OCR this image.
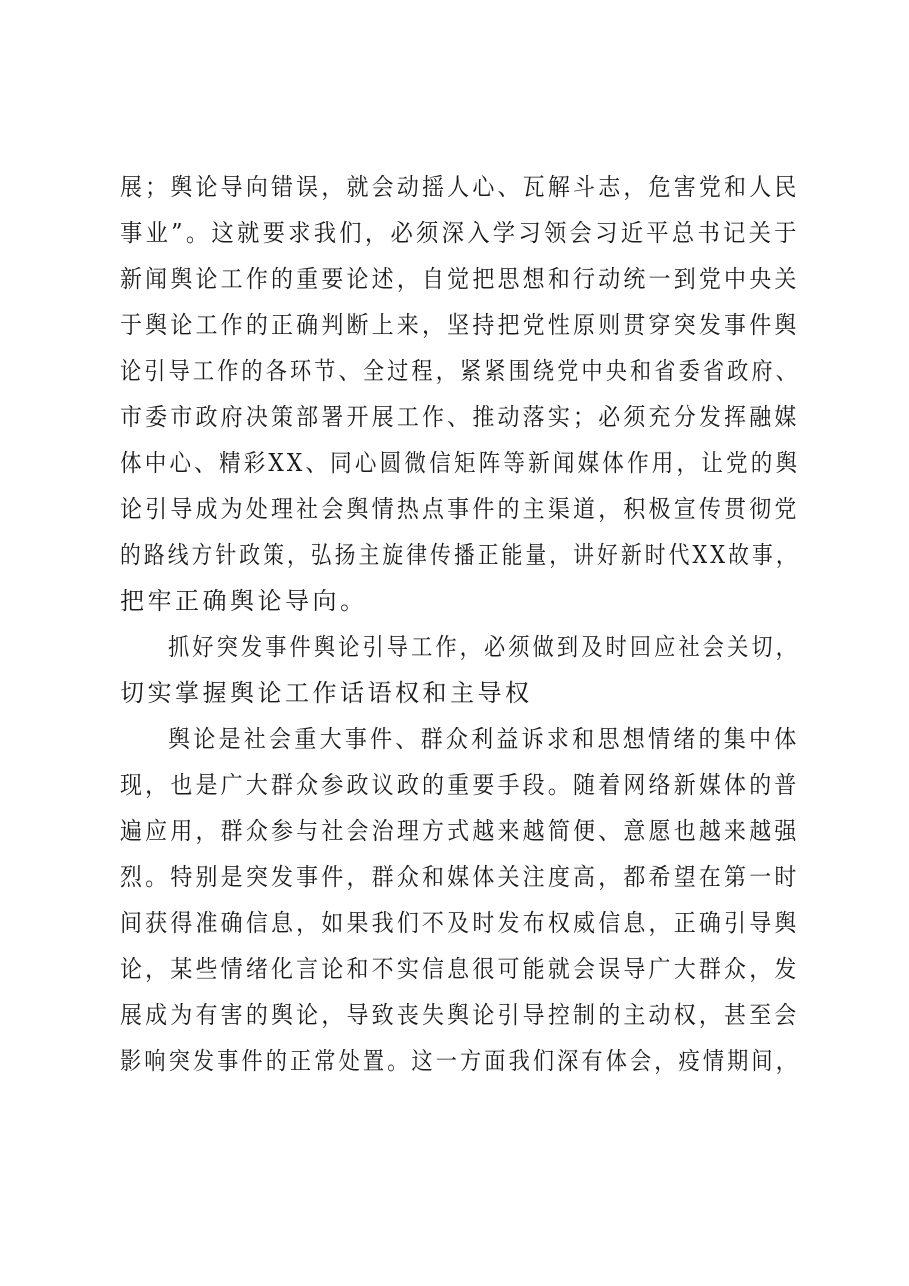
展；舆论导向错误，就会动摇人心、瓦解斗志，危害党和人民
事业”。这就要求我们，必须深入学习领会习近平总书记关于
新闻舆论工作的重要论述，自觉把思想和行动统一到党中央关
于舆论工作的正确判断上来，坚持把党性原则贯穿突发事件舆
论引导工作的各环节、全过程，紧紧围绕党中央和省委省政府、
市委市政府决策部署开展工作、推动落实；必须充分发挥融媒
体中心、精彩XX、同心圆微信矩阵等新闻媒体作用，让党的舆
论引导成为处理社会舆情热点事件的主渠道，积极宣传贯彻党
的路线方针政策，弘扬主旋律传播正能量，讲好新时代XX故事，
把牢正确舆论导向。
抓好突发事件舆论引导工作，必须做到及时回应社会关切，
切实掌握舆论工作话语权和主导权
舆论是社会重大事件、群众利益诉求和思想情绪的集中体
现，也是广大群众参政议政的重要手段。随着网络新媒体的普
遍应用，群众参与社会治理方式越来越简便、意愿也越来越强
烈。特别是突发事件，群众和媒体关注度高，都希望在第一时
间获得准确信息，如果我们不及时发布权威信息，正确引导舆
论，某些情绪化言论和不实信息很可能就会误导广大群众，发
展成为有害的舆论，导致丧失舆论引导控制的主动权，甚至会
影响突发事件的正常处置。这一方面我们深有体会，疫情期间，
